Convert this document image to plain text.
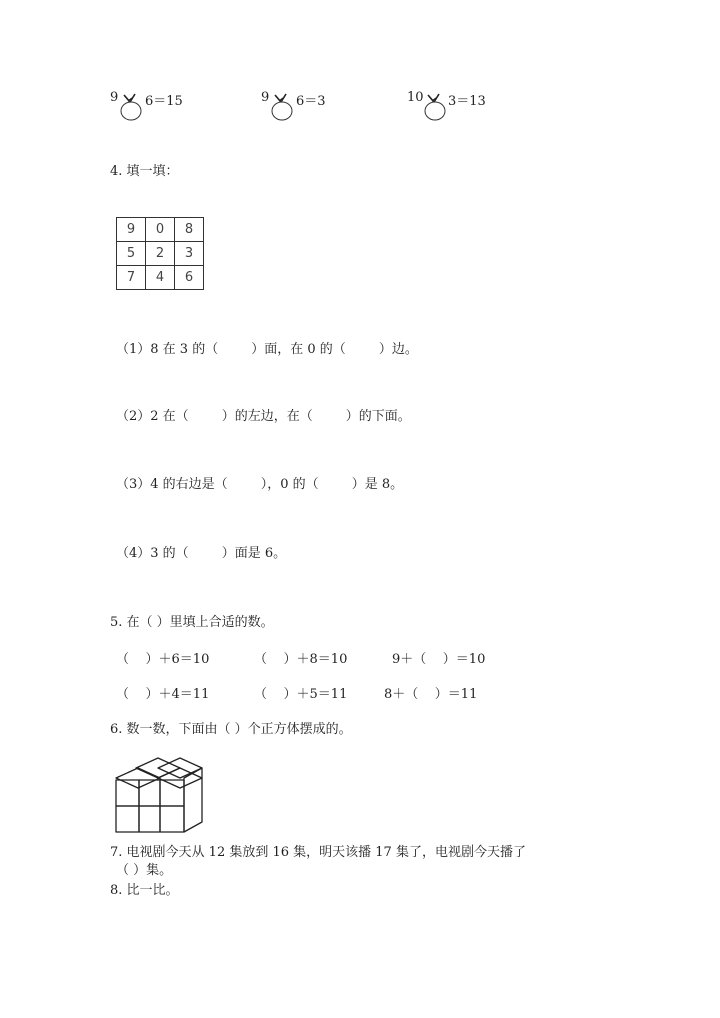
9 6＝15	9 6＝3	10 3＝13
4. 填一填：
9	0	8
5	2	3
7	4	6
（1）8 在 3 的（        ）面，在 0 的（        ）边。
（2）2 在（        ）的左边，在（        ）的下面。
（3）4 的右边是（        ），0 的（        ）是 8。
（4）3 的（        ）面是 6。
5. 在（ ）里填上合适的数。
（    ）＋6＝10	（    ）＋8＝10	9＋（    ）＝10
（    ）＋4＝11	（    ）＋5＝11	8＋（    ）＝11
6. 数一数，下面由（ ）个正方体摆成的。
7. 电视剧今天从 12 集放到 16 集，明天该播 17 集了，电视剧今天播了
（ ）集。
8. 比一比。
